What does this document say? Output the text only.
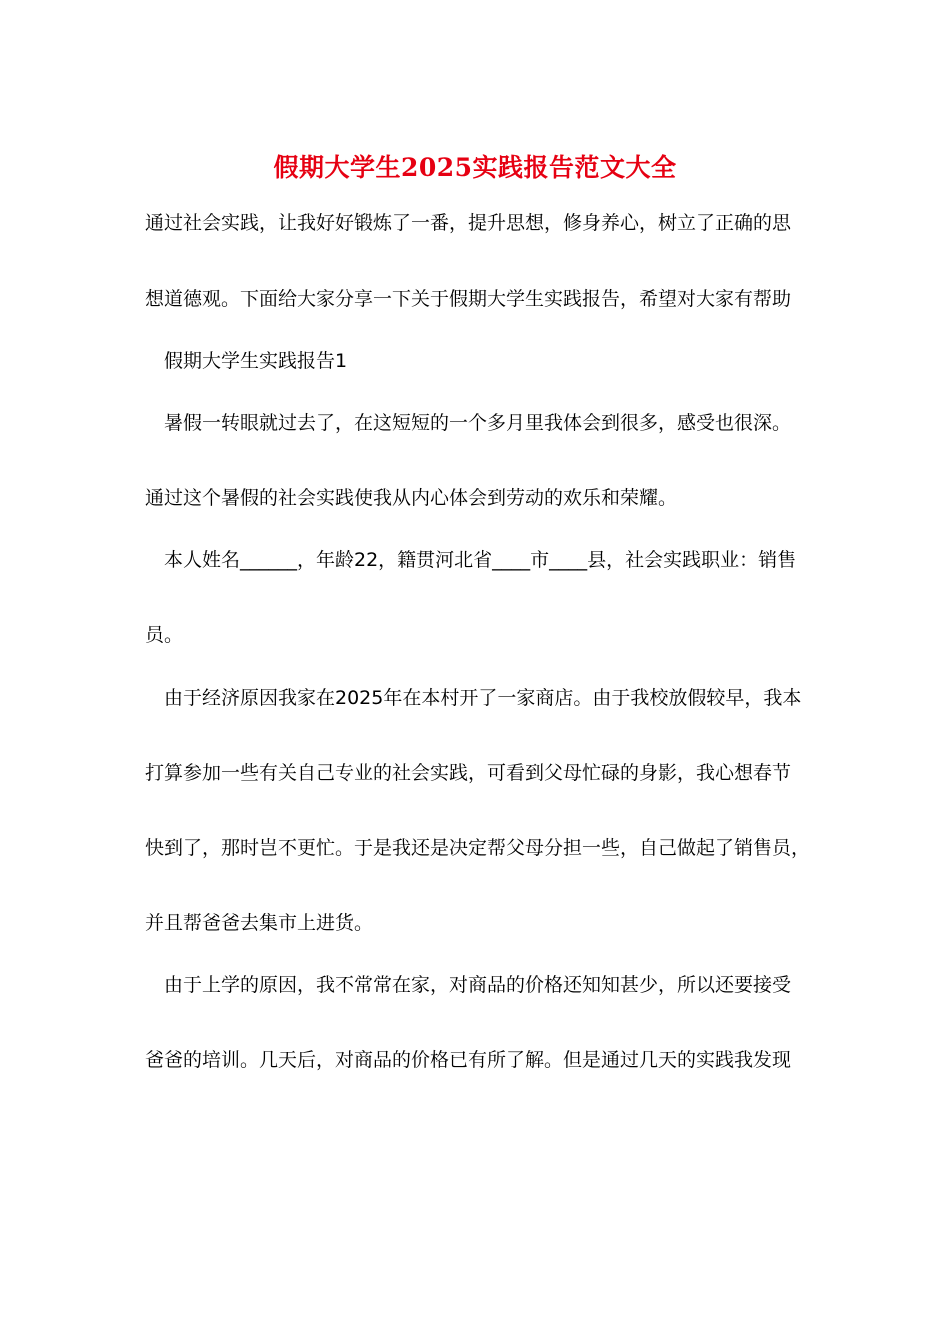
假期大学生2025实践报告范文大全
通过社会实践，让我好好锻炼了一番，提升思想，修身养心，树立了正确的思
想道德观。下面给大家分享一下关于假期大学生实践报告，希望对大家有帮助
假期大学生实践报告1
暑假一转眼就过去了，在这短短的一个多月里我体会到很多，感受也很深。
通过这个暑假的社会实践使我从内心体会到劳动的欢乐和荣耀。
本人姓名______，年龄22，籍贯河北省____市____县，社会实践职业：销售
员。
由于经济原因我家在2025年在本村开了一家商店。由于我校放假较早，我本
打算参加一些有关自己专业的社会实践，可看到父母忙碌的身影，我心想春节
快到了，那时岂不更忙。于是我还是决定帮父母分担一些，自己做起了销售员，
并且帮爸爸去集市上进货。
由于上学的原因，我不常常在家，对商品的价格还知知甚少，所以还要接受
爸爸的培训。几天后，对商品的价格已有所了解。但是通过几天的实践我发现
